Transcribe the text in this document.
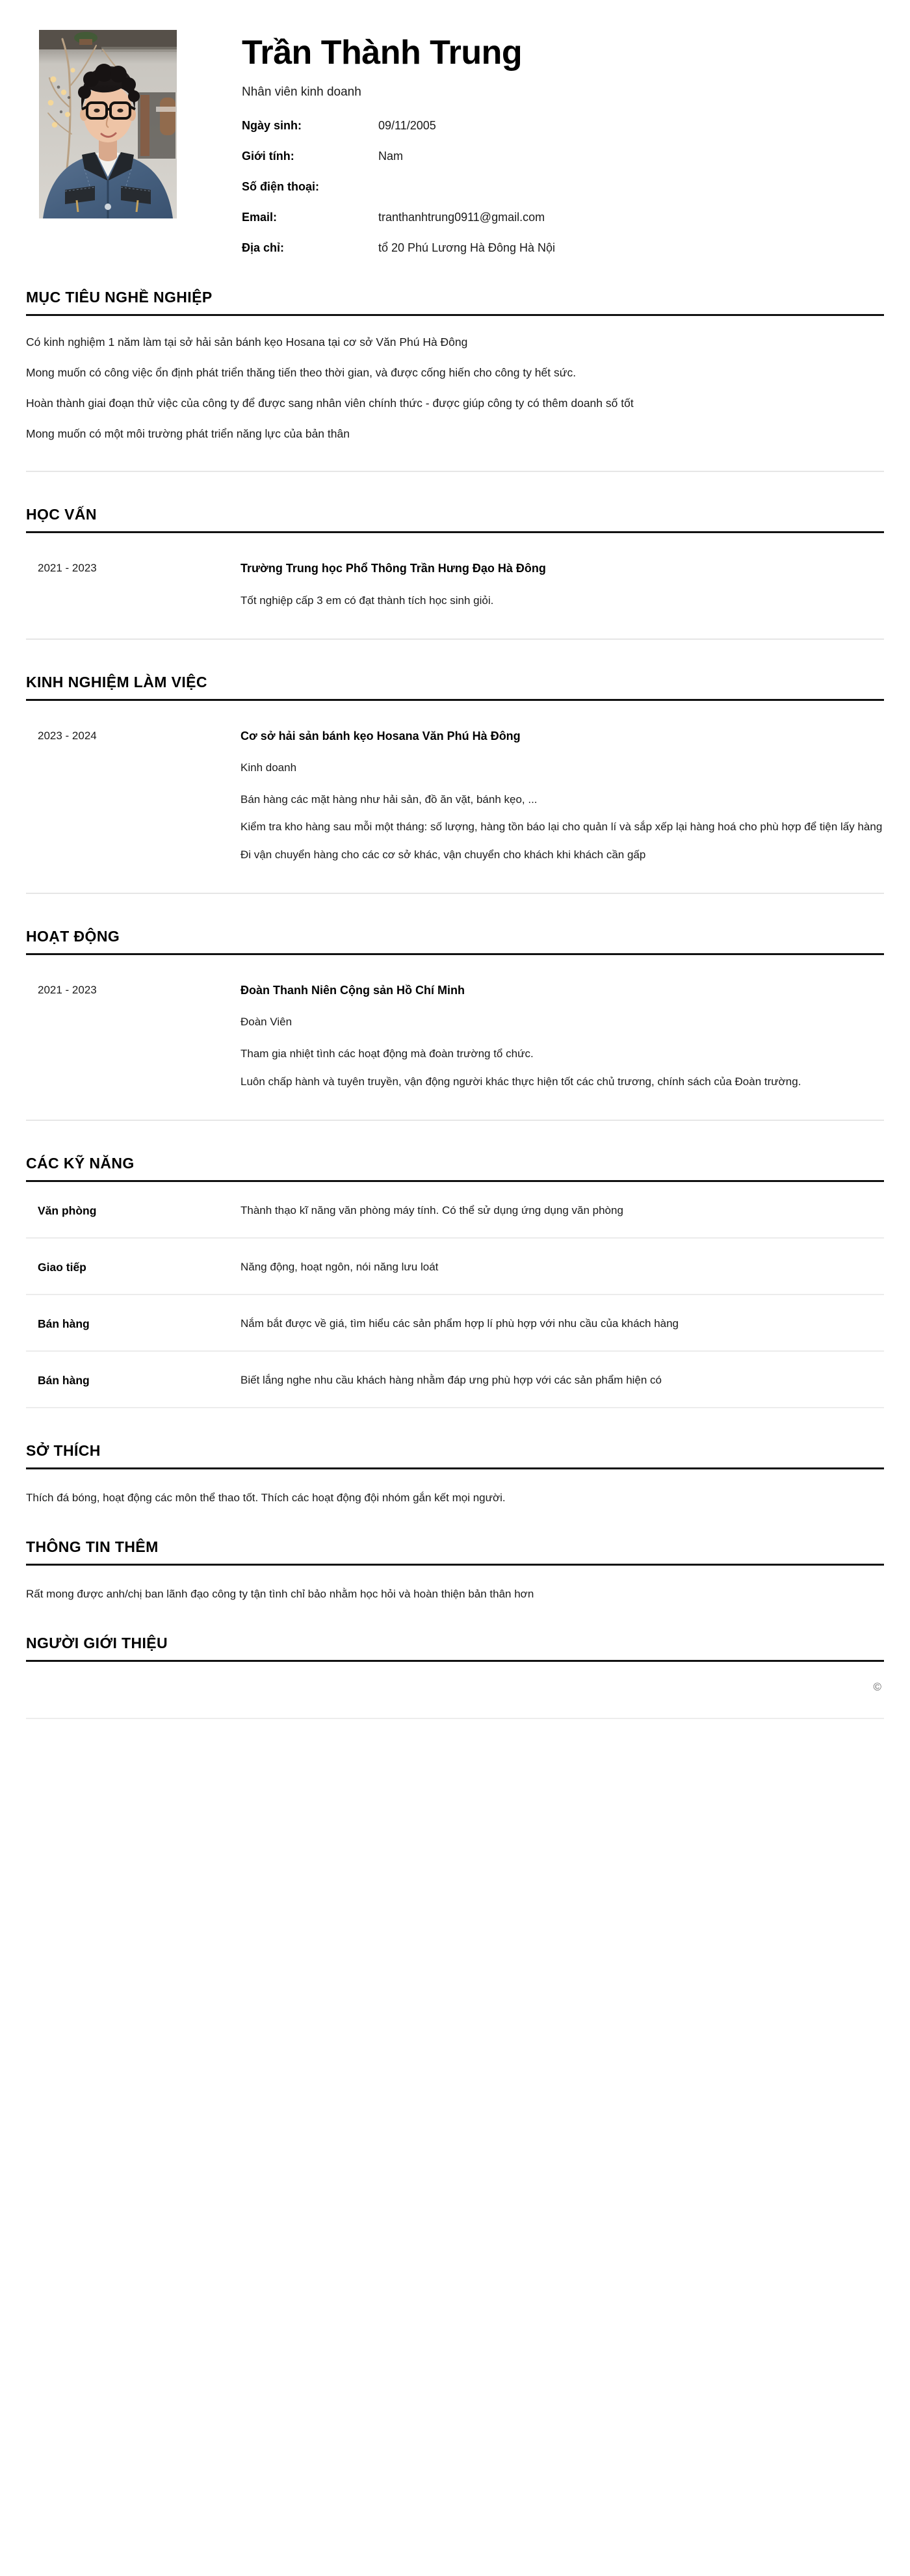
Trần Thành Trung
Nhân viên kinh doanh
Ngày sinh:	09/11/2005
Giới tính:	Nam
Số điện thoại:
Email:	tranthanhtrung0911@gmail.com
Địa chỉ:	tổ 20 Phú Lương Hà Đông Hà Nội
MỤC TIÊU NGHỀ NGHIỆP

Có kinh nghiệm 1 năm làm tại sở hải sản bánh kẹo Hosana tại cơ sở Văn Phú Hà Đông

Mong muốn có công việc ổn định phát triển thăng tiến theo thời gian, và được cống hiến cho công ty hết sức.

Hoàn thành giai đoạn thử việc của công ty để được sang nhân viên chính thức - được giúp công ty có thêm doanh số tốt

Mong muốn có một môi trường phát triển năng lực của bản thân

HỌC VẤN
2021 - 2023	Trường Trung học Phổ Thông Trần Hưng Đạo Hà Đông

Tốt nghiệp cấp 3 em có đạt thành tích học sinh giỏi.

KINH NGHIỆM LÀM VIỆC
2023 - 2024	Cơ sở hải sản bánh kẹo Hosana Văn Phú Hà Đông
Kinh doanh

Bán hàng các mặt hàng như hải sản, đồ ăn vặt, bánh kẹo, ...

Kiểm tra kho hàng sau mỗi một tháng: số lượng, hàng tồn báo lại cho quản lí và sắp xếp lại hàng hoá cho phù hợp để tiện lấy hàng

Đi vận chuyển hàng cho các cơ sở khác, vận chuyển cho khách khi khách cần gấp

HOẠT ĐỘNG
2021 - 2023	Đoàn Thanh Niên Cộng sản Hồ Chí Minh
Đoàn Viên

Tham gia nhiệt tình các hoạt động mà đoàn trường tổ chức.

Luôn chấp hành và tuyên truyền, vận động người khác thực hiện tốt các chủ trương, chính sách của Đoàn trường.

CÁC KỸ NĂNG
Văn phòng	Thành thạo kĩ năng văn phòng máy tính. Có thể sử dụng ứng dụng văn phòng
Giao tiếp	Năng động, hoạt ngôn, nói năng lưu loát
Bán hàng	Nắm bắt được về giá, tìm hiểu các sản phẩm hợp lí phù hợp với nhu cầu của khách hàng
Bán hàng	Biết lắng nghe nhu cầu khách hàng nhằm đáp ưng phù hợp với các sản phẩm hiện có
SỞ THÍCH

Thích đá bóng, hoạt động các môn thể thao tốt. Thích các hoạt động đội nhóm gắn kết mọi người.

THÔNG TIN THÊM

Rất mong được anh/chị ban lãnh đạo công ty tận tình chỉ bảo nhằm học hỏi và hoàn thiện bản thân hơn

NGƯỜI GIỚI THIỆU
©
